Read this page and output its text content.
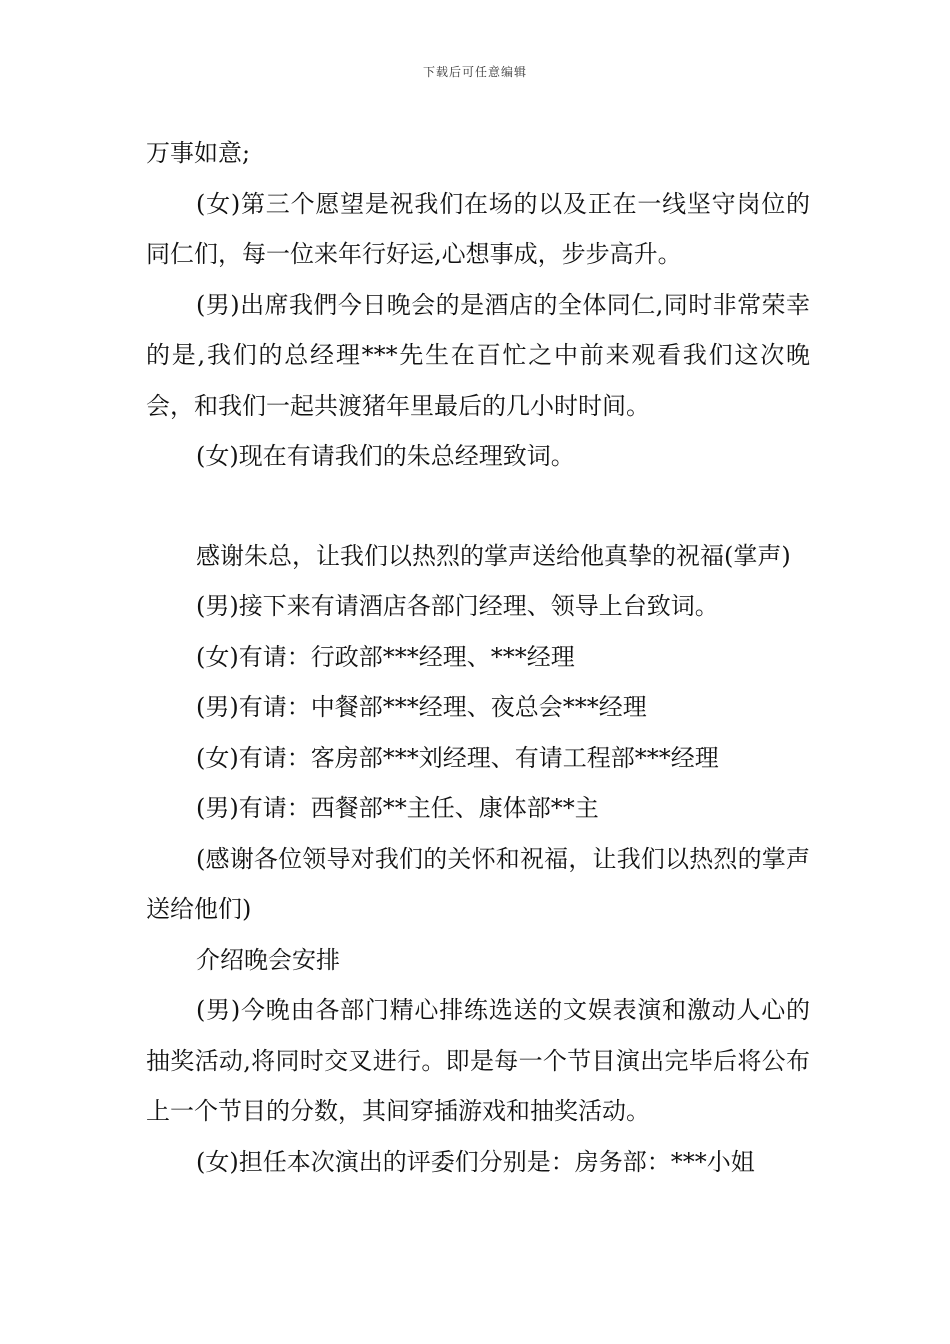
下载后可任意编辑

万事如意;

(女)第三个愿望是祝我们在场的以及正在一线坚守岗位的同仁们，每一位来年行好运,心想事成，步步高升。

(男)出席我們今日晚会的是酒店的全体同仁,同时非常荣幸的是,我们的总经理***先生在百忙之中前来观看我们这次晚会，和我们一起共渡猪年里最后的几小时时间。

(女)现在有请我们的朱总经理致词。

感谢朱总，让我们以热烈的掌声送给他真挚的祝福(掌声)

(男)接下来有请酒店各部门经理、领导上台致词。

(女)有请：行政部***经理、***经理

(男)有请：中餐部***经理、夜总会***经理

(女)有请：客房部***刘经理、有请工程部***经理

(男)有请：西餐部**主任、康体部**主

(感谢各位领导对我们的关怀和祝福，让我们以热烈的掌声送给他们)

介绍晚会安排

(男)今晚由各部门精心排练选送的文娱表演和激动人心的抽奖活动,将同时交叉进行。即是每一个节目演出完毕后将公布上一个节目的分数，其间穿插游戏和抽奖活动。

(女)担任本次演出的评委们分别是：房务部：***小姐
